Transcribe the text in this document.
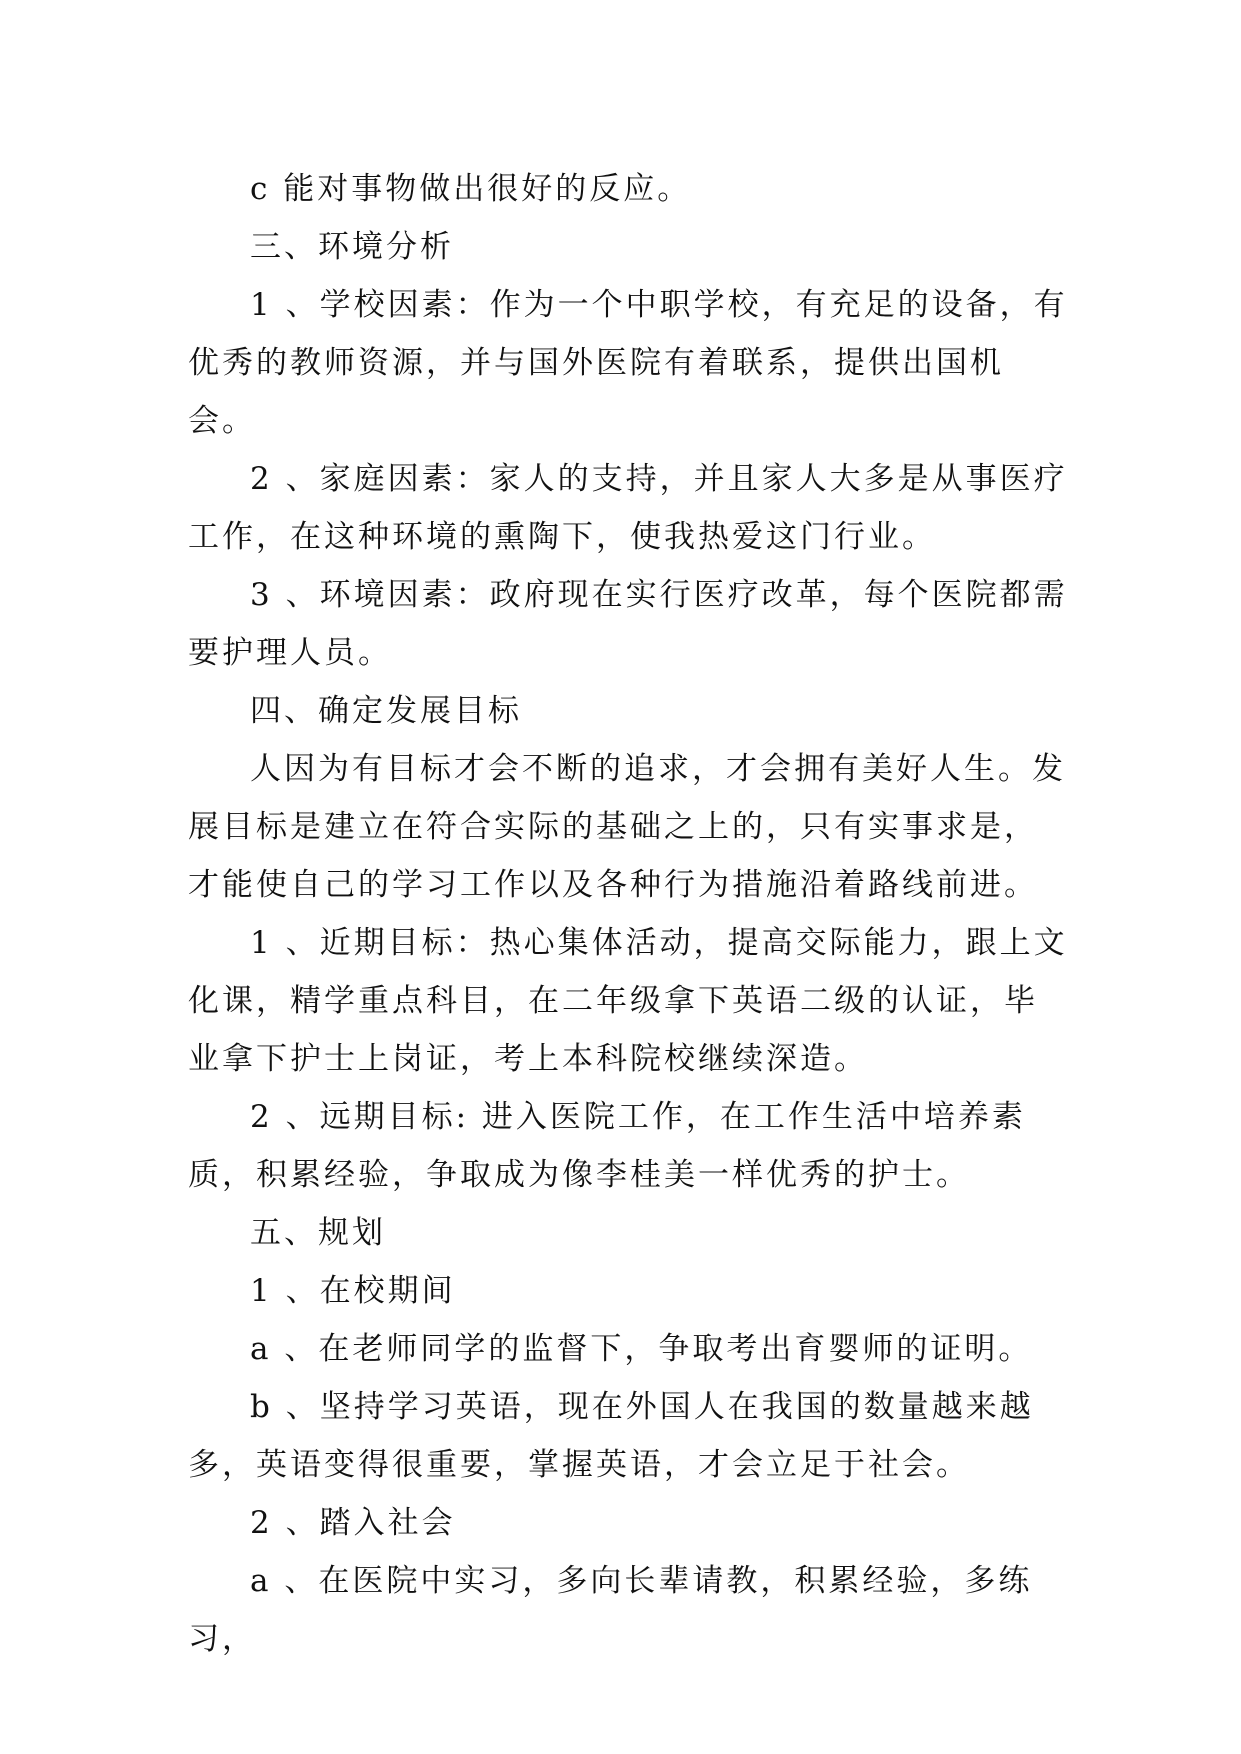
c 能对事物做出很好的反应。

三、环境分析

1 、学校因素：作为一个中职学校，有充足的设备，有优秀的教师资源，并与国外医院有着联系，提供出国机会。

2 、家庭因素：家人的支持，并且家人大多是从事医疗工作，在这种环境的熏陶下，使我热爱这门行业。

3 、环境因素：政府现在实行医疗改革，每个医院都需要护理人员。

四、确定发展目标

人因为有目标才会不断的追求，才会拥有美好人生。发展目标是建立在符合实际的基础之上的，只有实事求是，才能使自己的学习工作以及各种行为措施沿着路线前进。

1 、近期目标：热心集体活动，提高交际能力，跟上文化课，精学重点科目，在二年级拿下英语二级的认证，毕业拿下护士上岗证，考上本科院校继续深造。

2 、远期目标: 进入医院工作，在工作生活中培养素质，积累经验，争取成为像李桂美一样优秀的护士。

五、规划

1 、在校期间

a 、在老师同学的监督下，争取考出育婴师的证明。

b 、坚持学习英语，现在外国人在我国的数量越来越多，英语变得很重要，掌握英语，才会立足于社会。

2 、踏入社会

a 、在医院中实习，多向长辈请教，积累经验，多练习，
